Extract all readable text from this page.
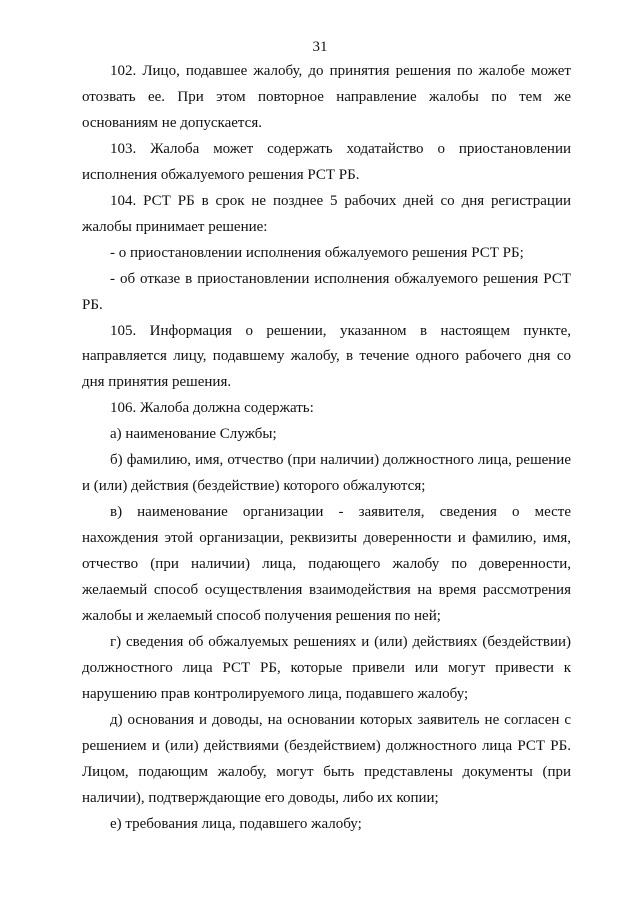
31

102. Лицо, подавшее жалобу, до принятия решения по жалобе может отозвать ее. При этом повторное направление жалобы по тем же основаниям не допускается.

103. Жалоба может содержать ходатайство о приостановлении исполнения обжалуемого решения РСТ РБ.

104. РСТ РБ в срок не позднее 5 рабочих дней со дня регистрации жалобы принимает решение:

- о приостановлении исполнения обжалуемого решения РСТ РБ;

- об отказе в приостановлении исполнения обжалуемого решения РСТ РБ.

105. Информация о решении, указанном в настоящем пункте, направляется лицу, подавшему жалобу, в течение одного рабочего дня со дня принятия решения.

106. Жалоба должна содержать:

а) наименование Службы;

б) фамилию, имя, отчество (при наличии) должностного лица, решение и (или) действия (бездействие) которого обжалуются;

в) наименование организации - заявителя, сведения о месте нахождения этой организации, реквизиты доверенности и фамилию, имя, отчество (при наличии) лица, подающего жалобу по доверенности, желаемый способ осуществления взаимодействия на время рассмотрения жалобы и желаемый способ получения решения по ней;

г) сведения об обжалуемых решениях и (или) действиях (бездействии) должностного лица РСТ РБ, которые привели или могут привести к нарушению прав контролируемого лица, подавшего жалобу;

д) основания и доводы, на основании которых заявитель не согласен с решением и (или) действиями (бездействием) должностного лица РСТ РБ. Лицом, подающим жалобу, могут быть представлены документы (при наличии), подтверждающие его доводы, либо их копии;

е) требования лица, подавшего жалобу;
